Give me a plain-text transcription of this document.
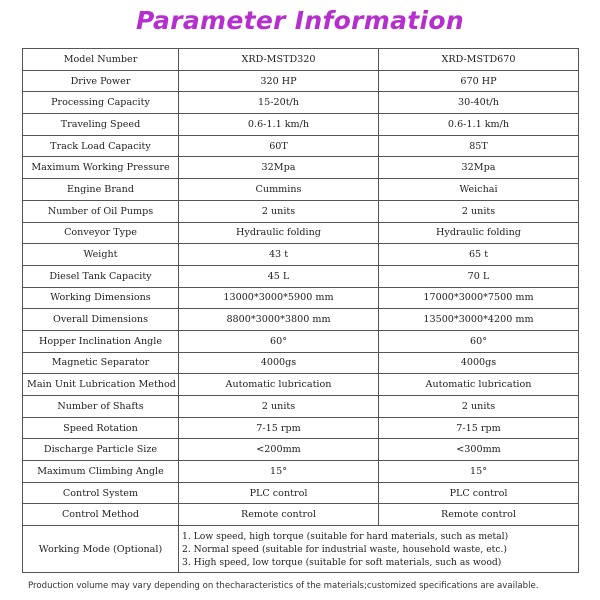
Parameter Information
Model Number	XRD-MSTD320	XRD-MSTD670
Drive Power	320 HP	670 HP
Processing Capacity	15-20t/h	30-40t/h
Traveling Speed	0.6-1.1 km/h	0.6-1.1 km/h
Track Load Capacity	60T	85T
Maximum Working Pressure	32Mpa	32Mpa
Engine Brand	Cummins	Weichai
Number of Oil Pumps	2 units	2 units
Conveyor Type	Hydraulic folding	Hydraulic folding
Weight	43 t	65 t
Diesel Tank Capacity	45 L	70 L
Working Dimensions	13000*3000*5900 mm	17000*3000*7500 mm
Overall Dimensions	8800*3000*3800 mm	13500*3000*4200 mm
Hopper Inclination Angle	60°	60°
Magnetic Separator	4000gs	4000gs
Main Unit Lubrication Method	Automatic lubrication	Automatic lubrication
Number of Shafts	2 units	2 units
Speed Rotation	7-15 rpm	7-15 rpm
Discharge Particle Size	<200mm	<300mm
Maximum Climbing Angle	15°	15°
Control System	PLC control	PLC control
Control Method	Remote control	Remote control
Working Mode (Optional)	1. Low speed, high torque (suitable for hard materials, such as metal)
2. Normal speed (suitable for industrial waste, household waste, etc.)
3. High speed, low torque (suitable for soft materials, such as wood)	
Production volume may vary depending on thecharacteristics of the materials;customized specifications are available.
